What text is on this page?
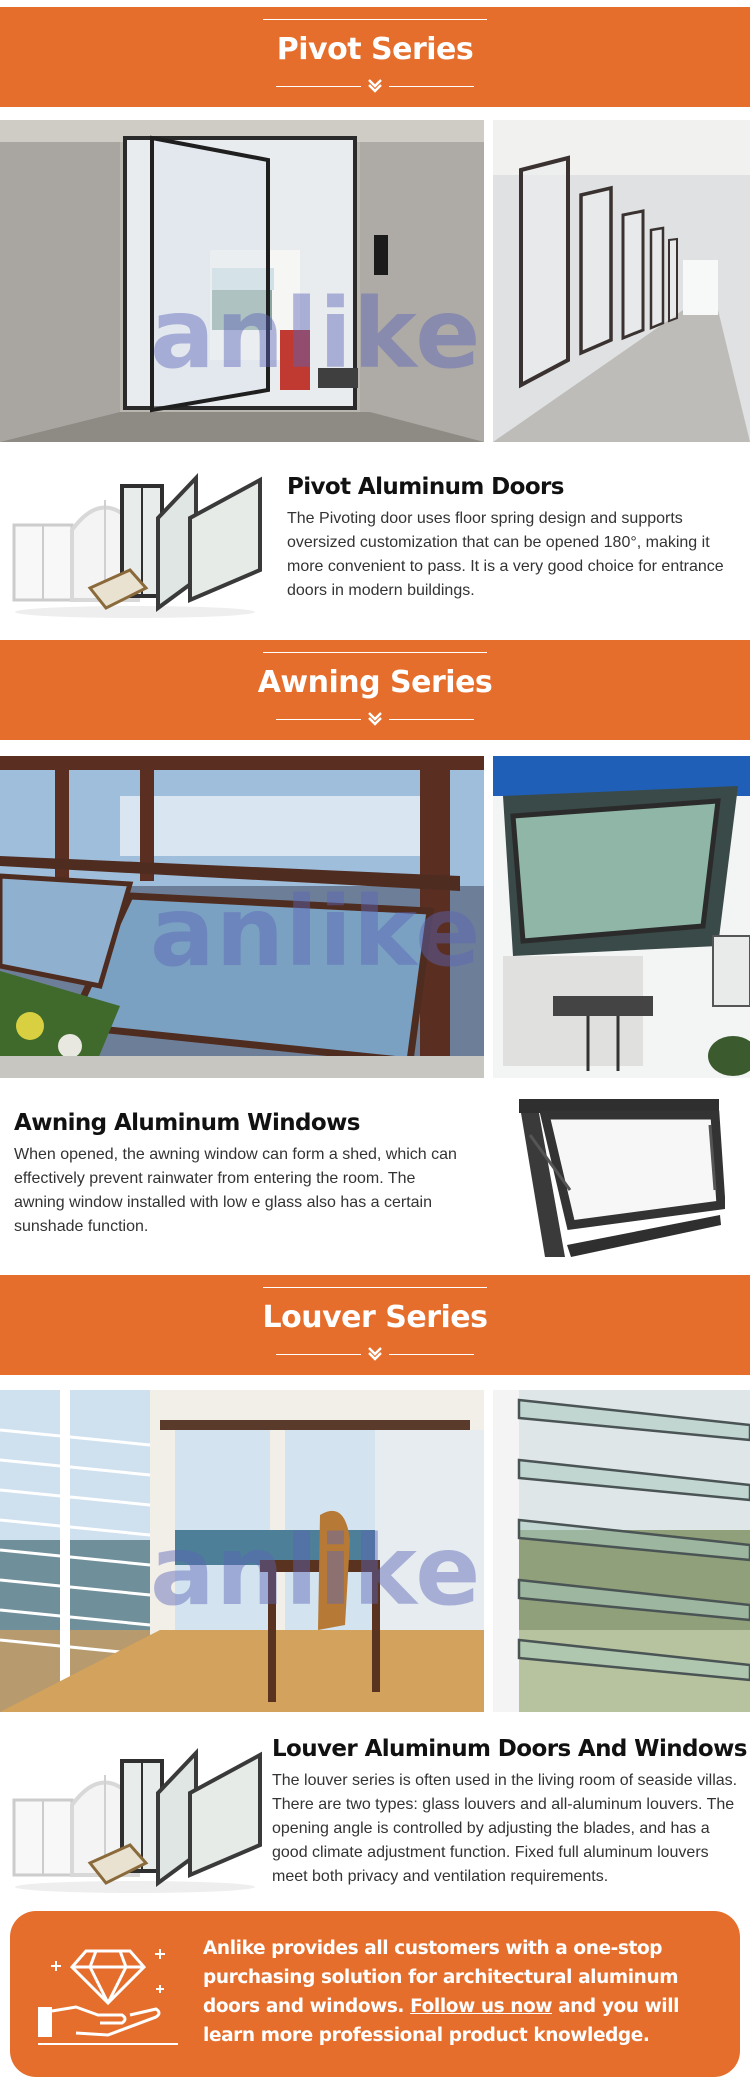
Pivot Series
anlike
Pivot Aluminum Doors
The Pivoting door uses floor spring design and supports oversized customization that can be opened 180°, making it more convenient to pass. It is a very good choice for entrance doors in modern buildings.
Awning Series
anlike
Awning Aluminum Windows
When opened, the awning window can form a shed, which can effectively prevent rainwater from entering the room. The awning window installed with low e glass also has a certain sunshade function.
Louver Series
anlike
Louver Aluminum Doors And Windows
The louver series is often used in the living room of seaside villas. There are two types: glass louvers and all-aluminum louvers. The opening angle is controlled by adjusting the blades, and has a good climate adjustment function. Fixed full aluminum louvers meet both privacy and ventilation requirements.
Anlike provides all customers with a one-stop purchasing solution for architectural aluminum doors and windows. Follow us now and you will learn more professional product knowledge.
